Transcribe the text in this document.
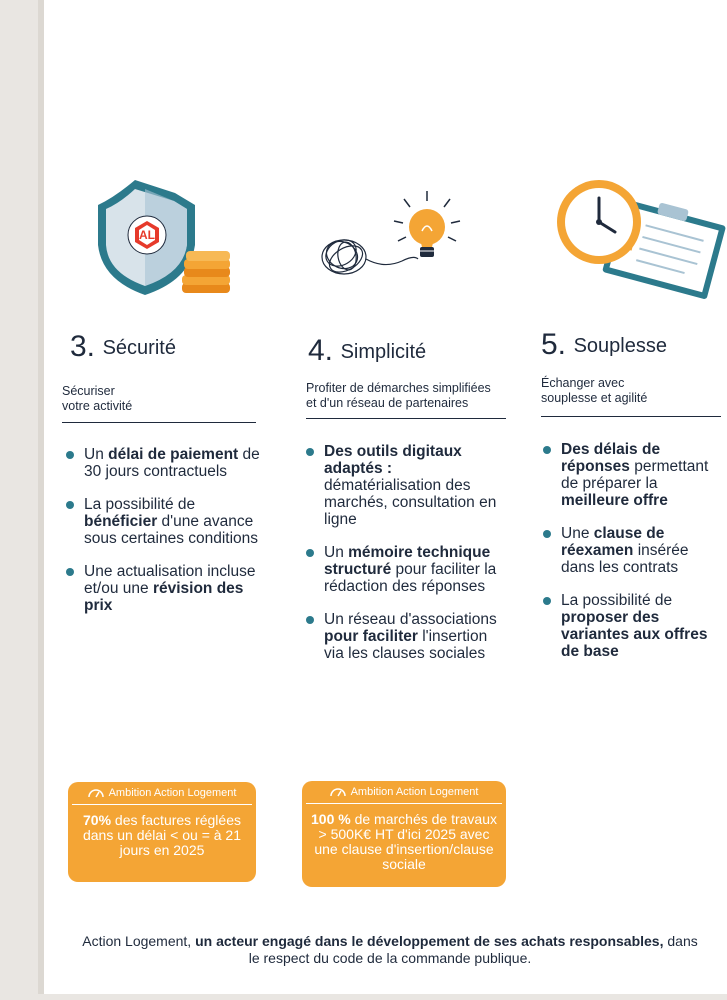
AL
3. Sécurité
Sécuriser
votre activité
Un délai de paiement de 30 jours contractuels
La possibilité de bénéficier d'une avance sous certaines conditions
Une actualisation incluse et/ou une révision des prix
Ambition Action Logement
70% des factures réglées dans un délai < ou = à 21 jours en 2025
4. Simplicité
Profiter de démarches simplifiées
et d'un réseau de partenaires
Des outils digitaux adaptés : dématérialisation des marchés, consultation en ligne
Un mémoire technique structuré pour faciliter la rédaction des réponses
Un réseau d'associations pour faciliter l'insertion via les clauses sociales
Ambition Action Logement
100 % de marchés de travaux > 500K€ HT d'ici 2025 avec une clause d'insertion/clause sociale
5. Souplesse
Échanger avec
souplesse et agilité
Des délais de réponses permettant de préparer la meilleure offre
Une clause de réexamen insérée dans les contrats
La possibilité de proposer des variantes aux offres de base
Action Logement, un acteur engagé dans le développement de ses achats responsables, dans le respect du code de la commande publique.
